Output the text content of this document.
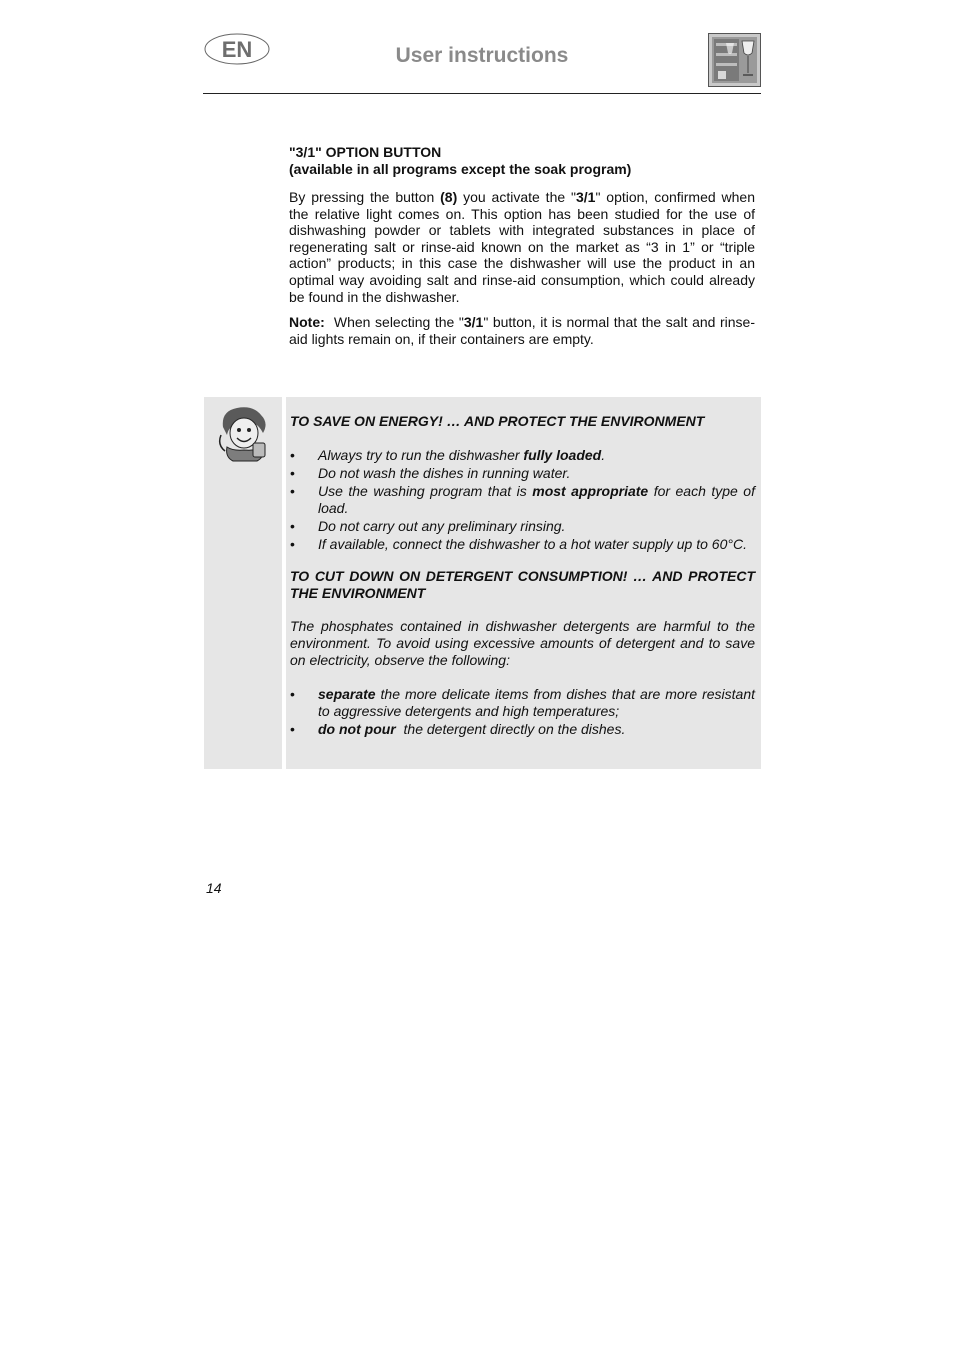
EN	User instructions
"3/1" OPTION BUTTON
(available in all programs except the soak program)

By pressing the button (8) you activate the "3/1" option, confirmed when the relative light comes on. This option has been studied for the use of dishwashing powder or tablets with integrated substances in place of regenerating salt or rinse-aid known on the market as “3 in 1” or “triple action” products; in this case the dishwasher will use the product in an optimal way avoiding salt and rinse-aid consumption, which could already be found in the dishwasher.

Note:  When selecting the "3/1" button, it is normal that the salt and rinse-aid lights remain on, if their containers are empty.

TO SAVE ON ENERGY! … AND PROTECT THE ENVIRONMENT
• Always try to run the dishwasher fully loaded.
• Do not wash the dishes in running water.
• Use the washing program that is most appropriate for each type of load.
• Do not carry out any preliminary rinsing.
• If available, connect the dishwasher to a hot water supply up to 60°C.
TO CUT DOWN ON DETERGENT CONSUMPTION! … AND PROTECT THE ENVIRONMENT

The phosphates contained in dishwasher detergents are harmful to the environment. To avoid using excessive amounts of detergent and to save on electricity, observe the following:

• separate the more delicate items from dishes that are more resistant to aggressive detergents and high temperatures;
• do not pour  the detergent directly on the dishes.
14
